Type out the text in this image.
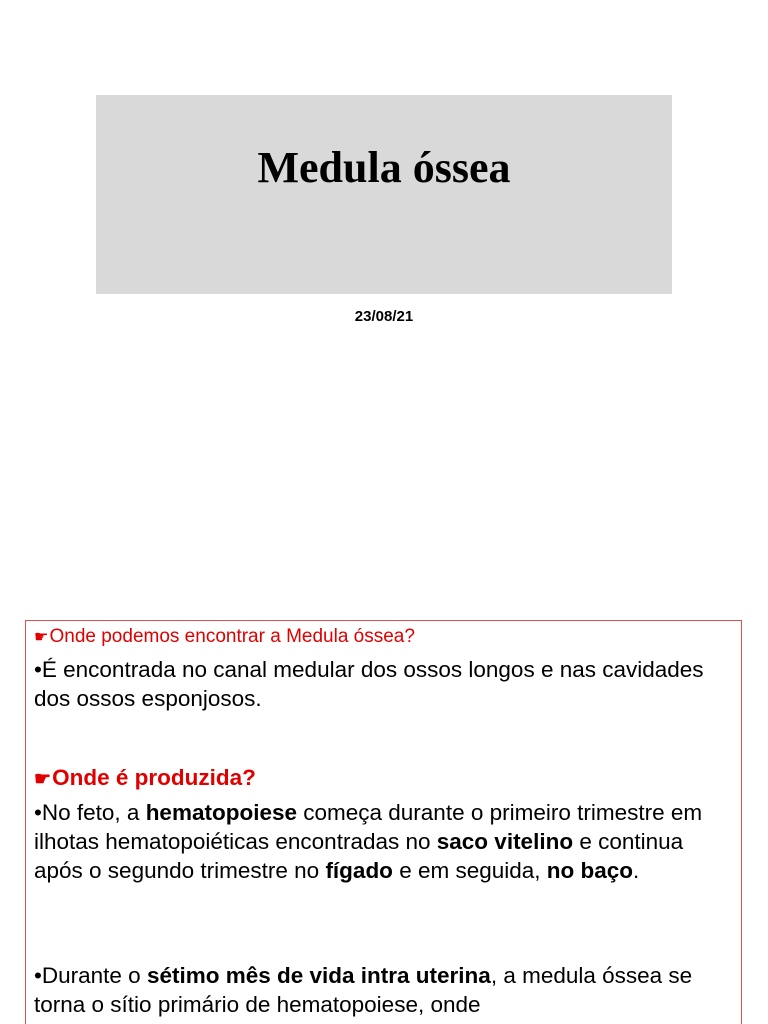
Medula óssea
23/08/21
☛Onde podemos encontrar a Medula óssea?
•É encontrada no canal medular dos ossos longos e nas cavidades dos ossos esponjosos.
☛Onde é produzida?
•No feto, a hematopoiese começa durante o primeiro trimestre em ilhotas hematopoiéticas encontradas no saco vitelino e continua após o segundo trimestre no fígado e em seguida, no baço.
•Durante o sétimo mês de vida intra uterina, a medula óssea se torna o sítio primário de hematopoiese, onde
